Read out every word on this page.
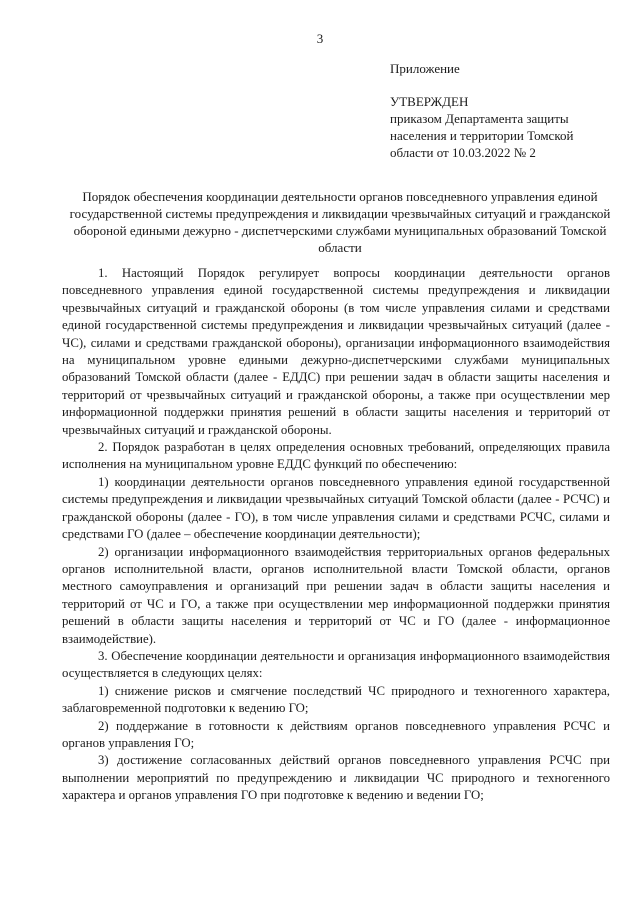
3
Приложение
УТВЕРЖДЕН
приказом Департамента защиты
населения и территории Томской
области от 10.03.2022 № 2
Порядок обеспечения координации деятельности органов повседневного управления единой государственной системы предупреждения и ликвидации чрезвычайных ситуаций и гражданской обороной едиными дежурно - диспетчерскими службами муниципальных образований Томской области

1. Настоящий Порядок регулирует вопросы координации деятельности органов повседневного управления единой государственной системы предупреждения и ликвидации чрезвычайных ситуаций и гражданской обороны (в том числе управления силами и средствами единой государственной системы предупреждения и ликвидации чрезвычайных ситуаций (далее - ЧС), силами и средствами гражданской обороны), организации информационного взаимодействия на муниципальном уровне едиными дежурно-диспетчерскими службами муниципальных образований Томской области (далее - ЕДДС) при решении задач в области защиты населения и территорий от чрезвычайных ситуаций и гражданской обороны, а также при осуществлении мер информационной поддержки принятия решений в области защиты населения и территорий от чрезвычайных ситуаций и гражданской обороны.

2. Порядок разработан в целях определения основных требований, определяющих правила исполнения на муниципальном уровне ЕДДС функций по обеспечению:

1) координации деятельности органов повседневного управления единой государственной системы предупреждения и ликвидации чрезвычайных ситуаций Томской области (далее - РСЧС) и гражданской обороны (далее - ГО), в том числе управления силами и средствами РСЧС, силами и средствами ГО (далее – обеспечение координации деятельности);

2) организации информационного взаимодействия территориальных органов федеральных органов исполнительной власти, органов исполнительной власти Томской области, органов местного самоуправления и организаций при решении задач в области защиты населения и территорий от ЧС и ГО, а также при осуществлении мер информационной поддержки принятия решений в области защиты населения и территорий от ЧС и ГО (далее - информационное взаимодействие).

3. Обеспечение координации деятельности и организация информационного взаимодействия осуществляется в следующих целях:

1) снижение рисков и смягчение последствий ЧС природного и техногенного характера, заблаговременной подготовки к ведению ГО;

2) поддержание в готовности к действиям органов повседневного управления РСЧС и органов управления ГО;

3) достижение согласованных действий органов повседневного управления РСЧС при выполнении мероприятий по предупреждению и ликвидации ЧС природного и техногенного характера и органов управления ГО при подготовке к ведению и ведении ГО;
